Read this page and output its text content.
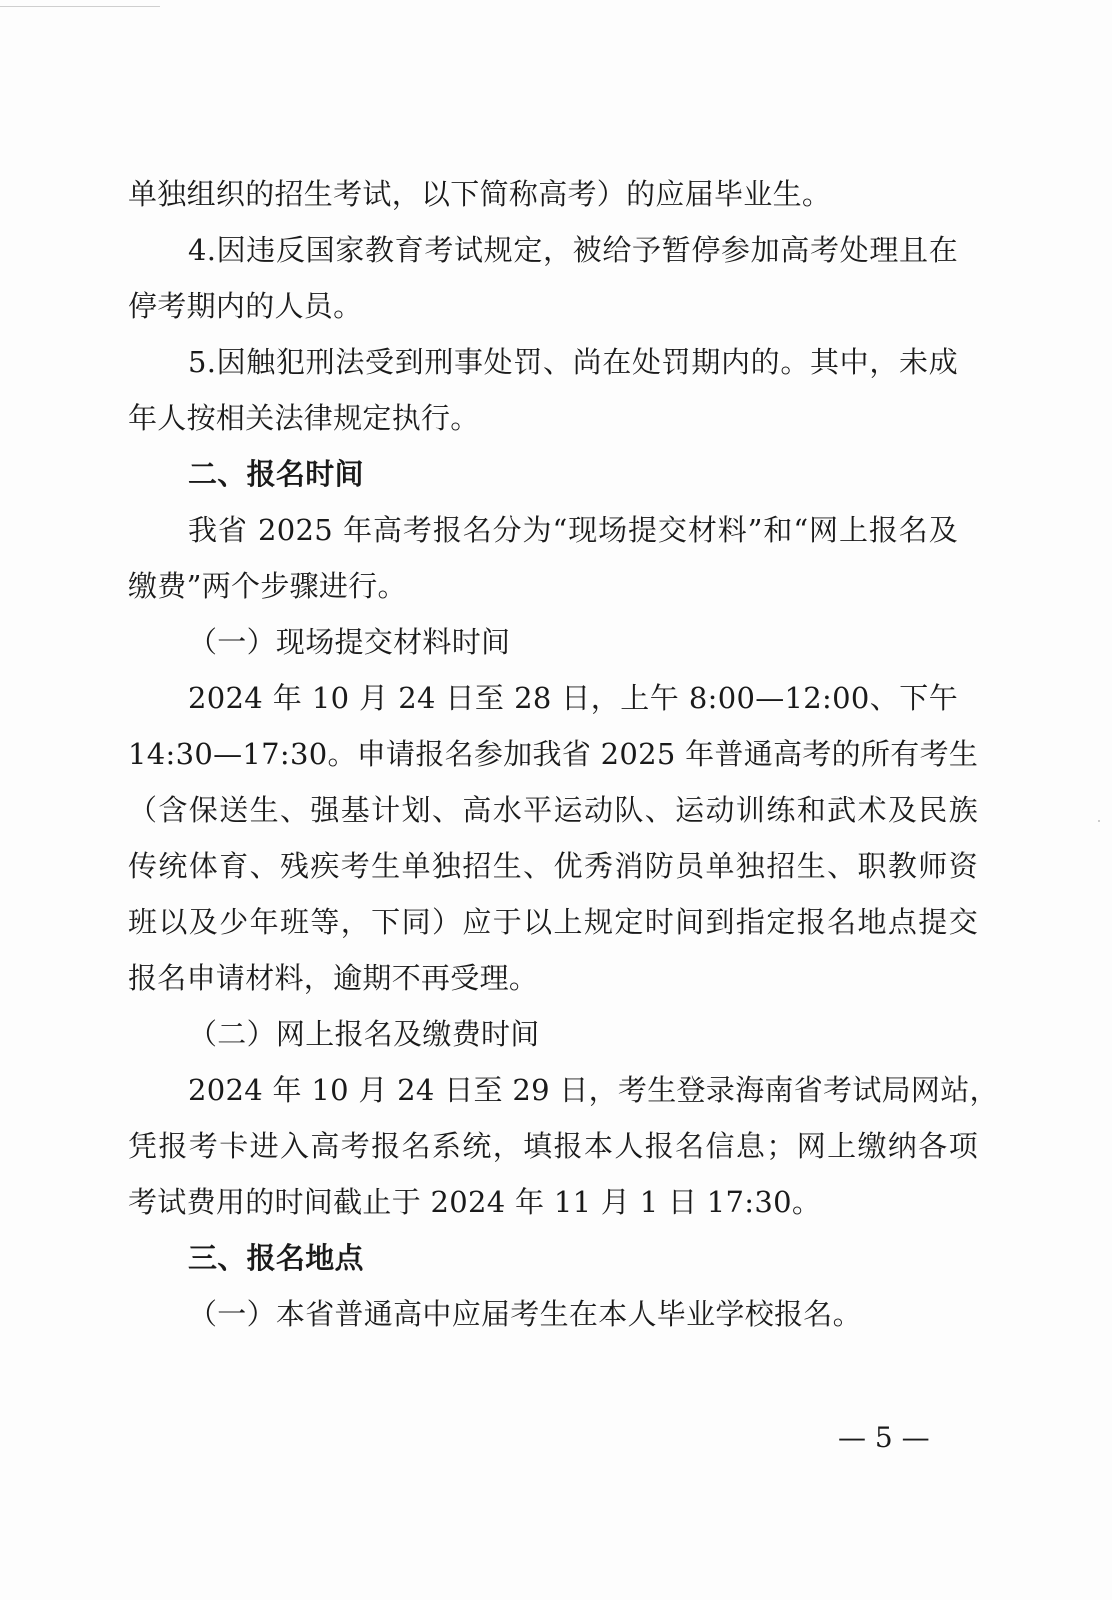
单独组织的招生考试，以下简称高考）的应届毕业生。
4.因违反国家教育考试规定，被给予暂停参加高考处理且在
停考期内的人员。
5.因触犯刑法受到刑事处罚、尚在处罚期内的。其中，未成
年人按相关法律规定执行。
二、报名时间
我省 2025 年高考报名分为“现场提交材料”和“网上报名及
缴费”两个步骤进行。
（一）现场提交材料时间
2024 年 10 月 24 日至 28 日，上午 8:00—12:00、下午
14:30—17:30。申请报名参加我省 2025 年普通高考的所有考生
（含保送生、强基计划、高水平运动队、运动训练和武术及民族
传统体育、残疾考生单独招生、优秀消防员单独招生、职教师资
班以及少年班等，下同）应于以上规定时间到指定报名地点提交
报名申请材料，逾期不再受理。
（二）网上报名及缴费时间
2024 年 10 月 24 日至 29 日，考生登录海南省考试局网站，
凭报考卡进入高考报名系统，填报本人报名信息；网上缴纳各项
考试费用的时间截止于 2024 年 11 月 1 日 17:30。
三、报名地点
（一）本省普通高中应届考生在本人毕业学校报名。
— 5 —
